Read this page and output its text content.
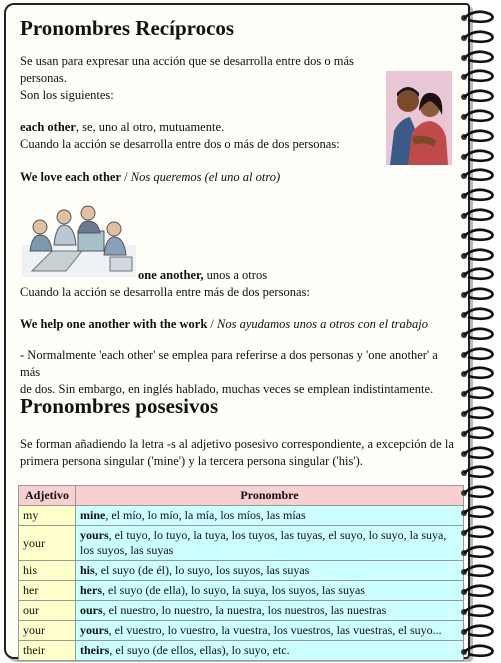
Pronombres Recíprocos

Se usan para expresar una acción que se desarrolla entre dos o más
personas.
Son los siguientes:

each other, se, uno al otro, mutuamente.
Cuando la acción se desarrolla entre dos o más de dos personas:

We love each other / Nos queremos (el uno al otro)

one another, unos a otros
Cuando la acción se desarrolla entre más de dos personas:

We help one another with the work / Nos ayudamos unos a otros con el trabajo

- Normalmente 'each other' se emplea para referirse a dos personas y 'one another' a más
de dos. Sin embargo, en inglés hablado, muchas veces se emplean indistintamente.

Pronombres posesivos

Se forman añadiendo la letra -s al adjetivo posesivo correspondiente, a excepción de la
primera persona singular ('mine') y la tercera persona singular ('his').

Adjetivo	Pronombre
my	mine, el mío, lo mío, la mía, los míos, las mías
your	yours, el tuyo, lo tuyo, la tuya, los tuyos, las tuyas, el suyo, lo suyo, la suya, los suyos, las suyas
his	his, el suyo (de él), lo suyo, los suyos, las suyas
her	hers, el suyo (de ella), lo suyo, la suya, los suyos, las suyas
our	ours, el nuestro, lo nuestro, la nuestra, los nuestros, las nuestras
your	yours, el vuestro, lo vuestro, la vuestra, los vuestros, las vuestras, el suyo...
their	theirs, el suyo (de ellos, ellas), lo suyo, etc.
